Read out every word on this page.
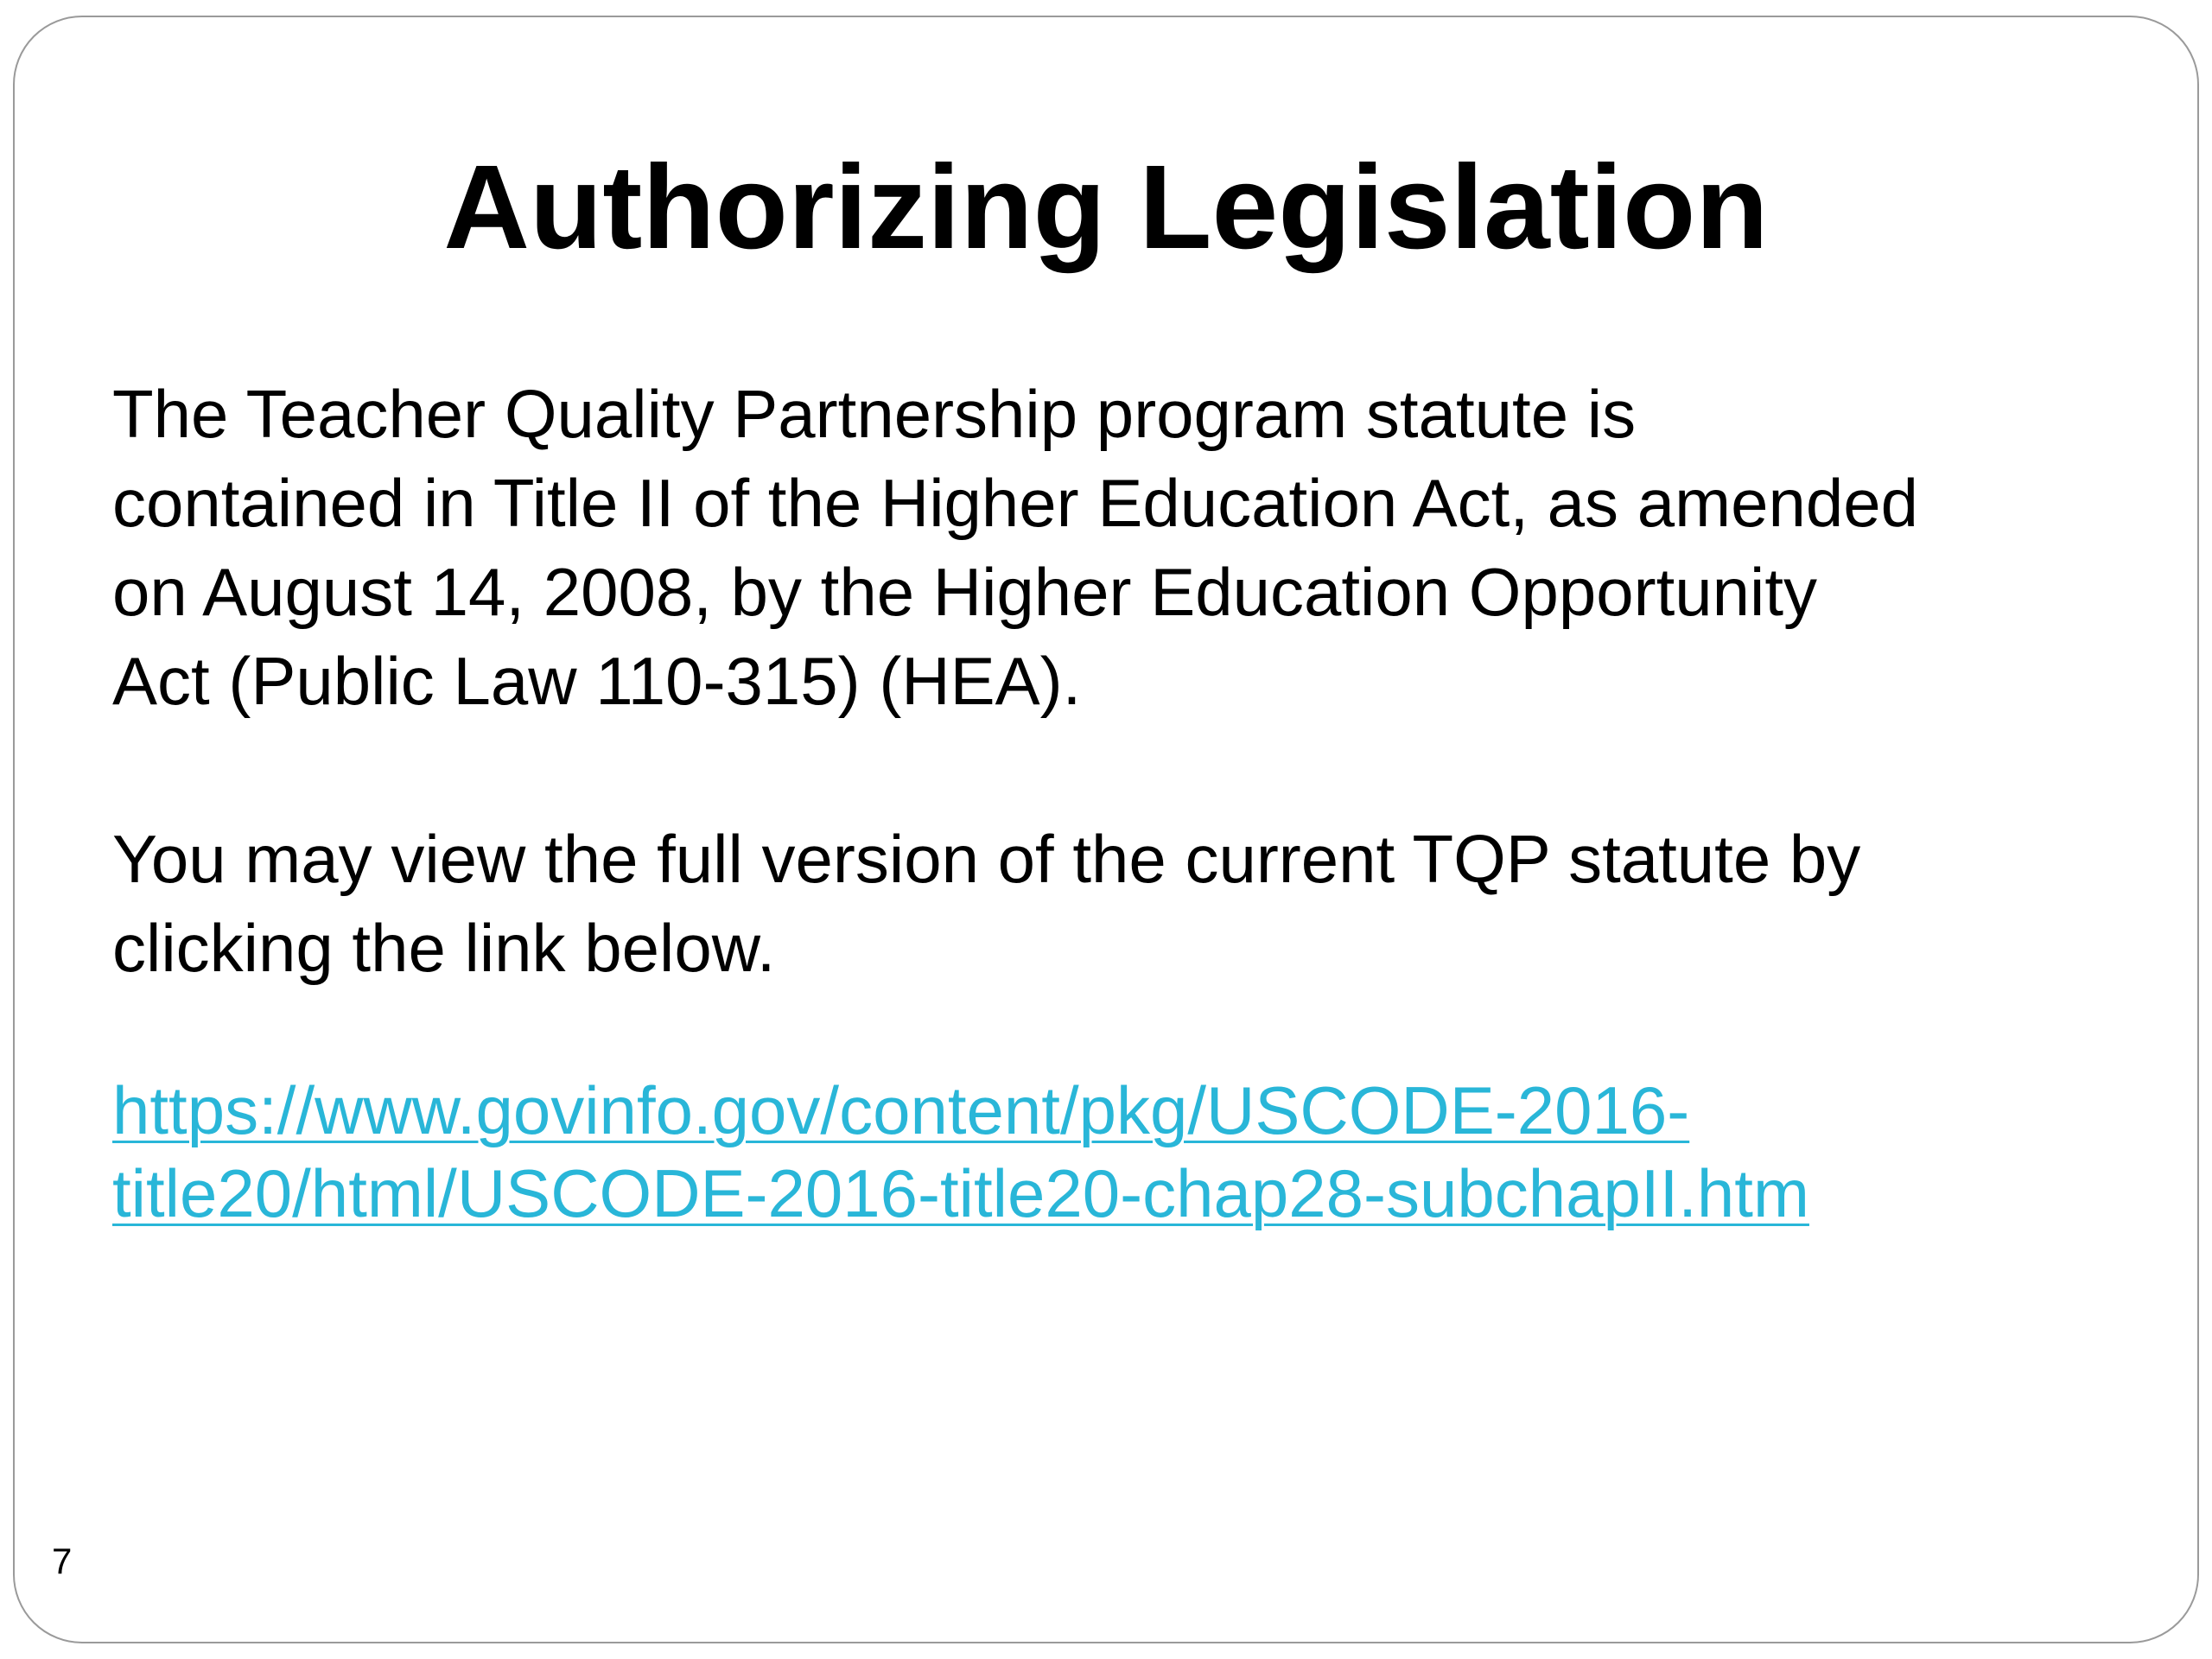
Authorizing Legislation

The Teacher Quality Partnership program statute is
contained in Title II of the Higher Education Act, as amended
on August 14, 2008, by the Higher Education Opportunity
Act (Public Law 110-315) (HEA).

You may view the full version of the current TQP statute by
clicking the link below.

https://www.govinfo.gov/content/pkg/USCODE-2016-
title20/html/USCODE-2016-title20-chap28-subchapII.htm

7
